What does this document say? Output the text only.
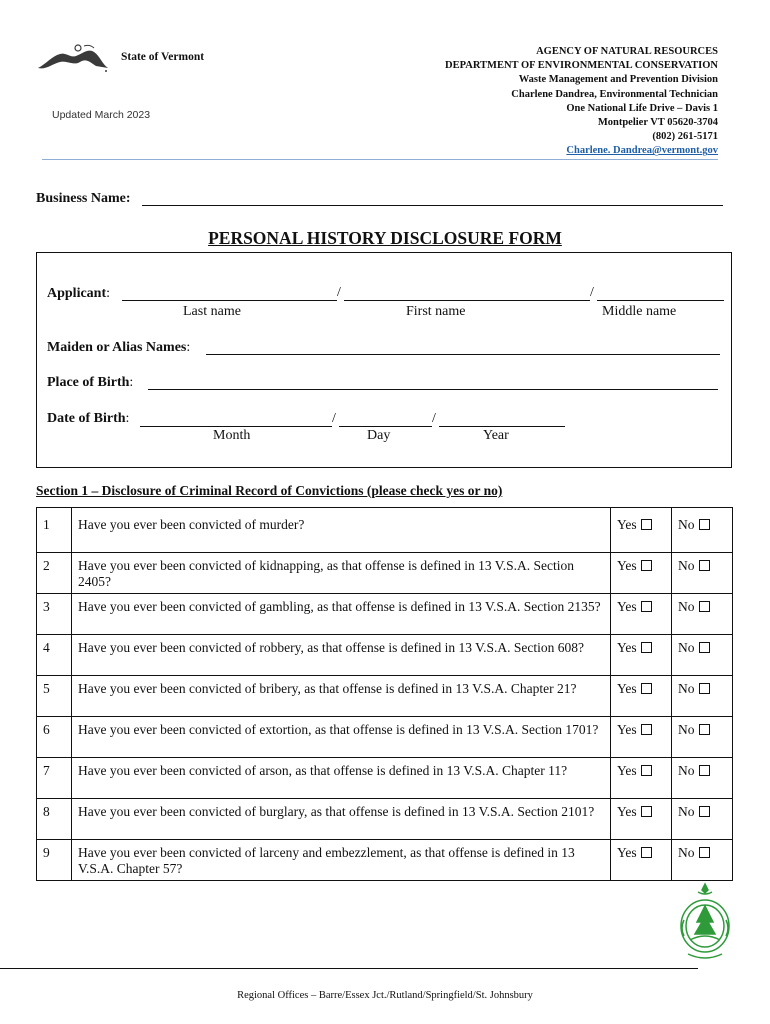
State of Vermont
Updated March 2023
AGENCY OF NATURAL RESOURCES
DEPARTMENT OF ENVIRONMENTAL CONSERVATION
Waste Management and Prevention Division
Charlene Dandrea, Environmental Technician
One National Life Drive – Davis 1
Montpelier VT 05620-3704
(802) 261-5171
Charlene. Dandrea@vermont.gov
Business Name:
PERSONAL HISTORY DISCLOSURE FORM
Applicant:	/	/
Last name	First name	Middle name
Maiden or Alias Names:
Place of Birth:
Date of Birth:	/	/
Month	Day	Year
Section 1 – Disclosure of Criminal Record of Convictions (please check yes or no)
1	Have you ever been convicted of murder?	Yes	No
2	Have you ever been convicted of kidnapping, as that offense is defined in 13 V.S.A. Section 2405?	Yes	No
3	Have you ever been convicted of gambling, as that offense is defined in 13 V.S.A. Section 2135?	Yes	No
4	Have you ever been convicted of robbery, as that offense is defined in 13 V.S.A. Section 608?	Yes	No
5	Have you ever been convicted of bribery, as that offense is defined in 13 V.S.A. Chapter 21?	Yes	No
6	Have you ever been convicted of extortion, as that offense is defined in 13 V.S.A. Section 1701?	Yes	No
7	Have you ever been convicted of arson, as that offense is defined in 13 V.S.A. Chapter 11?	Yes	No
8	Have you ever been convicted of burglary, as that offense is defined in 13 V.S.A. Section 2101?	Yes	No
9	Have you ever been convicted of larceny and embezzlement, as that offense is defined in 13 V.S.A. Chapter 57?	Yes	No
Regional Offices – Barre/Essex Jct./Rutland/Springfield/St. Johnsbury
